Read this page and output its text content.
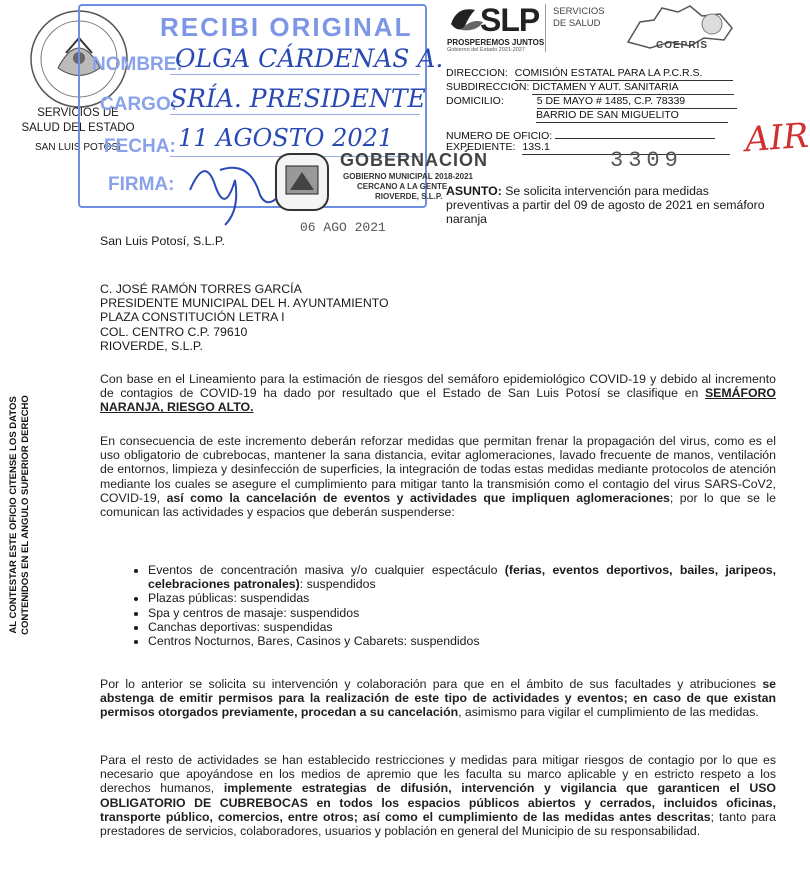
SERVICIOS DE
SALUD DEL ESTADO
SAN LUIS POTOSI
RECIBI ORIGINAL
NOMBRE:
OLGA CÁRDENAS A.
CARGO:
SRÍA. PRESIDENTE
FECHA: 11 AGOSTO 2021
FIRMA:
GOBERNACIÓN
GOBIERNO MUNICIPAL 2018-2021
CERCANO A LA GENTE
RIOVERDE, S.L.P.
06 AGO 2021
SLP
PROSPEREMOS JUNTOS
Gobierno del Estado 2021-2027
SERVICIOS
DE SALUD
COEPRIS
DIRECCION: COMISIÓN ESTATAL PARA LA P.C.R.S.
SUBDIRECCION: DICTAMEN Y AUT. SANITARIA
DOMICILIO:	5 DE MAYO # 1485, C.P. 78339
BARRIO DE SAN MIGUELITO
NUMERO DE OFICIO:
EXPEDIENTE: 13S.1
3309
AIR
ASUNTO: Se solicita intervención para medidas preventivas a partir del 09 de agosto de 2021 en semáforo naranja
San Luis Potosí, S.L.P.
C. JOSÉ RAMÓN TORRES GARCÍA
PRESIDENTE MUNICIPAL DEL H. AYUNTAMIENTO
PLAZA CONSTITUCIÓN LETRA I
COL. CENTRO C.P. 79610
RIOVERDE, S.L.P.
Con base en el Lineamiento para la estimación de riesgos del semáforo epidemiológico COVID-19 y debido al incremento de contagios de COVID-19 ha dado por resultado que el Estado de San Luis Potosí se clasifique en SEMÁFORO NARANJA, RIESGO ALTO.
En consecuencia de este incremento deberán reforzar medidas que permitan frenar la propagación del virus, como es el uso obligatorio de cubrebocas, mantener la sana distancia, evitar aglomeraciones, lavado frecuente de manos, ventilación de entornos, limpieza y desinfección de superficies, la integración de todas estas medidas mediante protocolos de atención mediante los cuales se asegure el cumplimiento para mitigar tanto la transmisión como el contagio del virus SARS-CoV2, COVID-19, así como la cancelación de eventos y actividades que impliquen aglomeraciones; por lo que se le comunican las actividades y espacios que deberán suspenderse:
• Eventos de concentración masiva y/o cualquier espectáculo (ferias, eventos deportivos, bailes, jaripeos, celebraciones patronales): suspendidos
• Plazas públicas: suspendidas
• Spa y centros de masaje: suspendidos
• Canchas deportivas: suspendidas
• Centros Nocturnos, Bares, Casinos y Cabarets: suspendidos
Por lo anterior se solicita su intervención y colaboración para que en el ámbito de sus facultades y atribuciones se abstenga de emitir permisos para la realización de este tipo de actividades y eventos; en caso de que existan permisos otorgados previamente, procedan a su cancelación, asimismo para vigilar el cumplimiento de las medidas.
Para el resto de actividades se han establecido restricciones y medidas para mitigar riesgos de contagio por lo que es necesario que apoyándose en los medios de apremio que les faculta su marco aplicable y en estricto respeto a los derechos humanos, implemente estrategias de difusión, intervención y vigilancia que garanticen el USO OBLIGATORIO DE CUBREBOCAS en todos los espacios públicos abiertos y cerrados, incluidos oficinas, transporte público, comercios, entre otros; así como el cumplimiento de las medidas antes descritas; tanto para prestadores de servicios, colaboradores, usuarios y población en general del Municipio de su responsabilidad.
AL CONTESTAR ESTE OFICIO CITENSE LOS DATOS CONTENIDOS EN EL ANGULO SUPERIOR DERECHO
